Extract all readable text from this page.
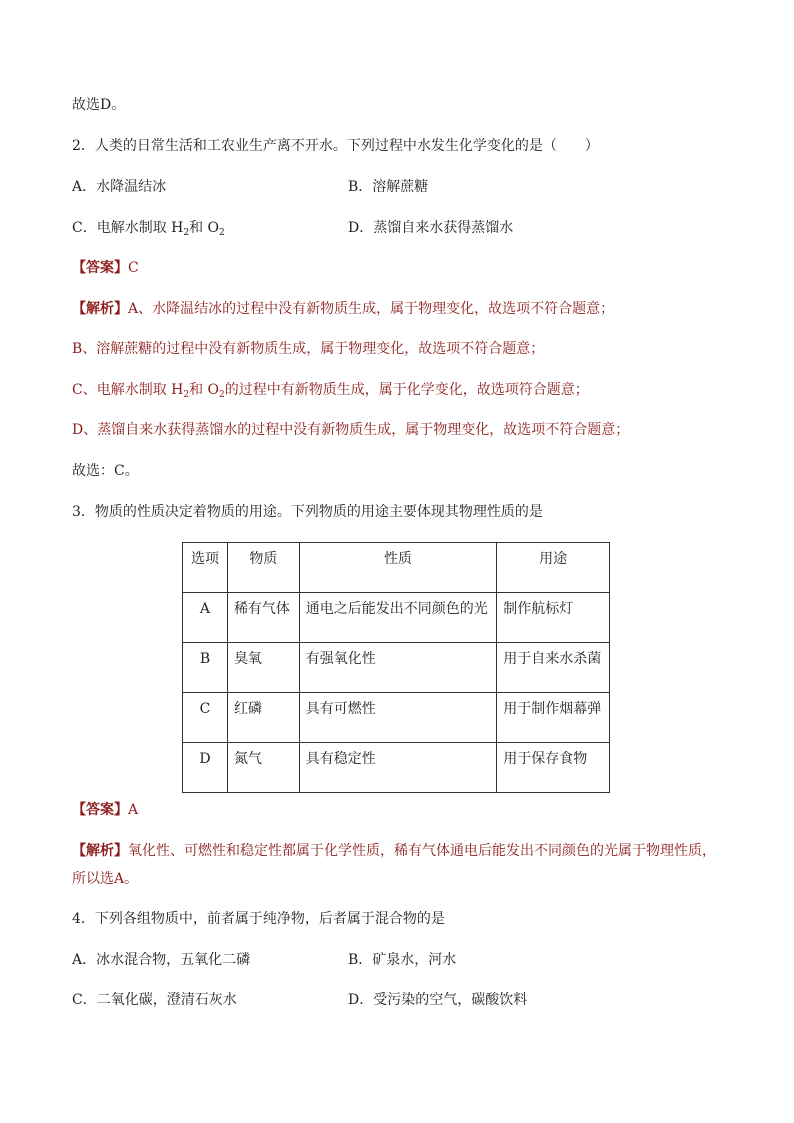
故选D。
2．人类的日常生活和工农业生产离不开水。下列过程中水发生化学变化的是（　　）
A．水降温结冰	B．溶解蔗糖
C．电解水制取 $H_2$和 $O_2$	D．蒸馏自来水获得蒸馏水
【答案】C
【解析】A、水降温结冰的过程中没有新物质生成，属于物理变化，故选项不符合题意；
B、溶解蔗糖的过程中没有新物质生成，属于物理变化，故选项不符合题意；
C、电解水制取 $H_2$和 $O_2$的过程中有新物质生成，属于化学变化，故选项符合题意；
D、蒸馏自来水获得蒸馏水的过程中没有新物质生成，属于物理变化，故选项不符合题意；
故选：C。
3．物质的性质决定着物质的用途。下列物质的用途主要体现其物理性质的是
选项	物质	性质	用途
A	稀有气体	通电之后能发出不同颜色的光	制作航标灯
B	臭氧	有强氧化性	用于自来水杀菌
C	红磷	具有可燃性	用于制作烟幕弹
D	氮气	具有稳定性	用于保存食物
【答案】A
【解析】氧化性、可燃性和稳定性都属于化学性质，稀有气体通电后能发出不同颜色的光属于物理性质，
所以选A。
4．下列各组物质中，前者属于纯净物，后者属于混合物的是
A．冰水混合物，五氧化二磷	B．矿泉水，河水
C．二氧化碳，澄清石灰水	D．受污染的空气，碳酸饮料
